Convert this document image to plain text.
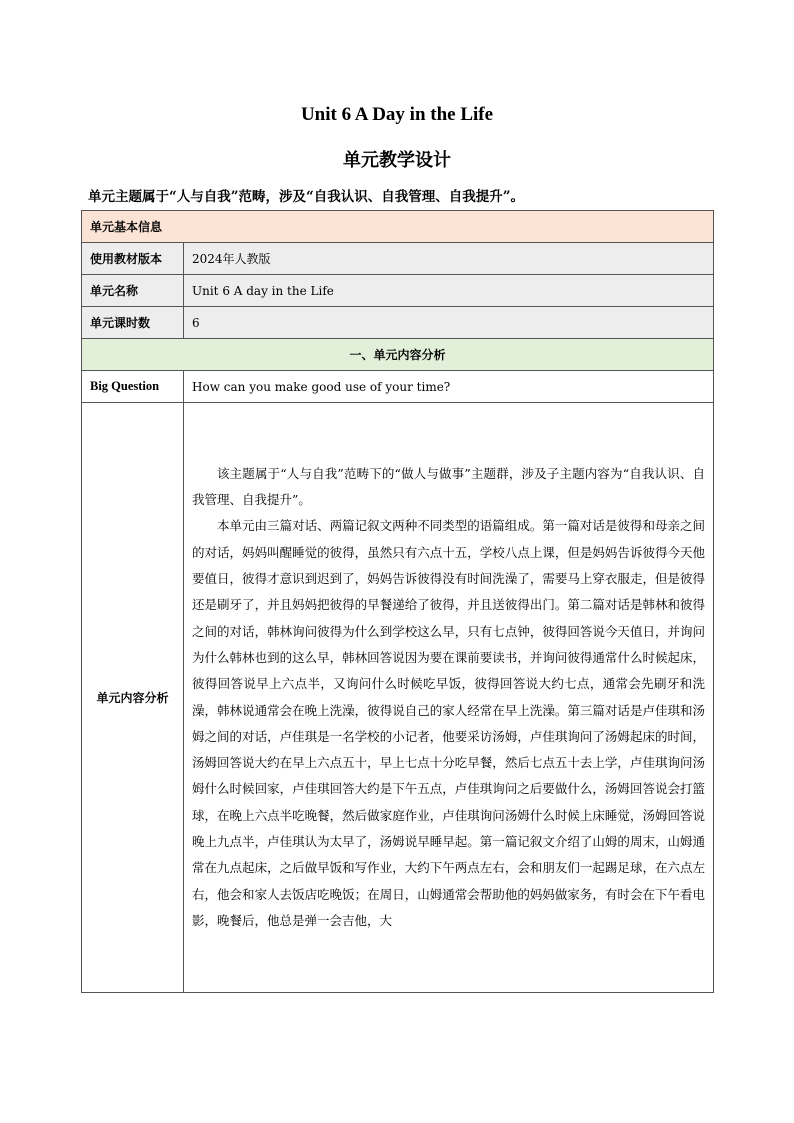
Unit 6 A Day in the Life
单元教学设计
单元主题属于“人与自我”范畴，涉及“自我认识、自我管理、自我提升”。
单元基本信息	
使用教材版本	2024年人教版
单元名称	Unit 6 A day in the Life
单元课时数	6
一、单元内容分析	
Big Question	How can you make good use of your time?
单元内容分析	该主题属于“人与自我”范畴下的“做人与做事”主题群，涉及子主题内容为“自我认识、自我管理、自我提升”。

本单元由三篇对话、两篇记叙文两种不同类型的语篇组成。第一篇对话是彼得和母亲之间的对话，妈妈叫醒睡觉的彼得，虽然只有六点十五，学校八点上课，但是妈妈告诉彼得今天他要值日，彼得才意识到迟到了，妈妈告诉彼得没有时间洗澡了，需要马上穿衣服走，但是彼得还是刷牙了，并且妈妈把彼得的早餐递给了彼得，并且送彼得出门。第二篇对话是韩林和彼得之间的对话，韩林询问彼得为什么到学校这么早，只有七点钟，彼得回答说今天值日，并询问为什么韩林也到的这么早，韩林回答说因为要在课前要读书，并询问彼得通常什么时候起床，彼得回答说早上六点半，又询问什么时候吃早饭，彼得回答说大约七点，通常会先刷牙和洗澡，韩林说通常会在晚上洗澡，彼得说自己的家人经常在早上洗澡。第三篇对话是卢佳琪和汤姆之间的对话，卢佳琪是一名学校的小记者，他要采访汤姆，卢佳琪询问了汤姆起床的时间，汤姆回答说大约在早上六点五十，早上七点十分吃早餐，然后七点五十去上学，卢佳琪询问汤姆什么时候回家，卢佳琪回答大约是下午五点，卢佳琪询问之后要做什么，汤姆回答说会打篮球，在晚上六点半吃晚餐，然后做家庭作业，卢佳琪询问汤姆什么时候上床睡觉，汤姆回答说晚上九点半，卢佳琪认为太早了，汤姆说早睡早起。第一篇记叙文介绍了山姆的周末，山姆通常在九点起床，之后做早饭和写作业，大约下午两点左右，会和朋友们一起踢足球，在六点左右，他会和家人去饭店吃晚饭；在周日，山姆通常会帮助他的妈妈做家务，有时会在下午看电影，晚餐后，他总是弹一会吉他，大
